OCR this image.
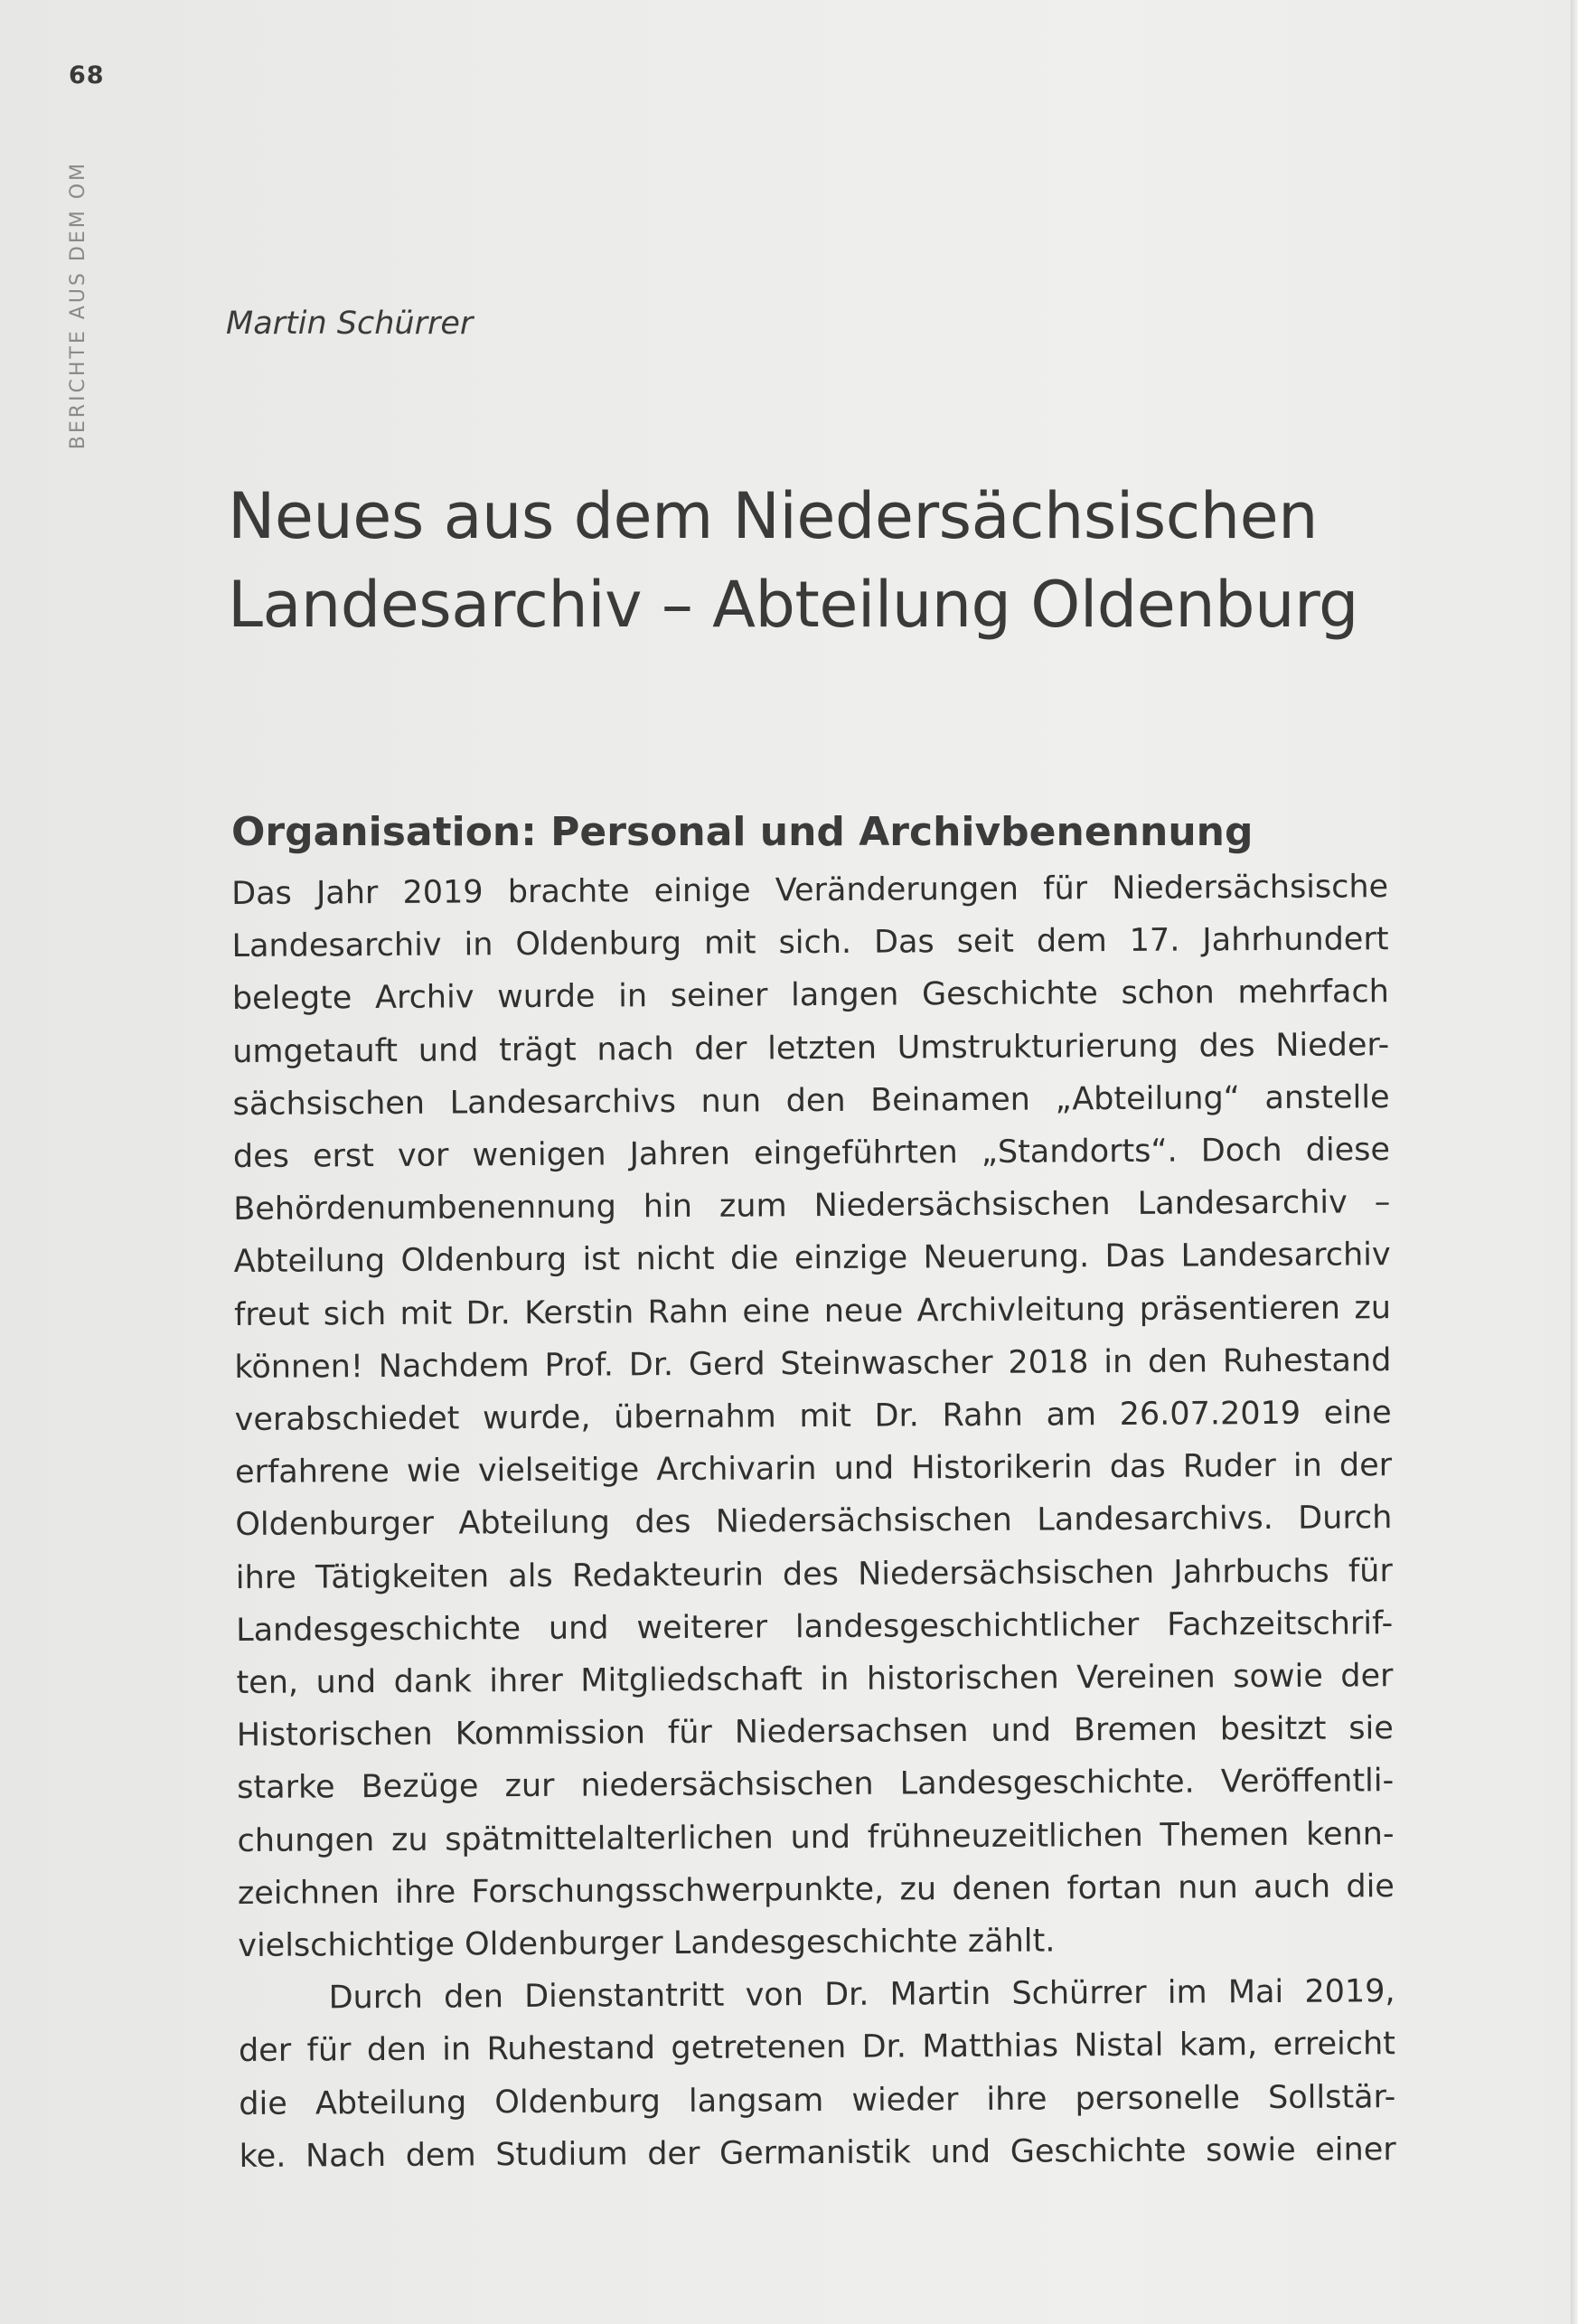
68
BERICHTE AUS DEM OM	Martin Schürrer
Neues aus dem Niedersächsischen
Landesarchiv – Abteilung Oldenburg
Organisation: Personal und Archivbenennung
Das Jahr 2019 brachte einige Veränderungen für Niedersächsische
Landesarchiv in Oldenburg mit sich. Das seit dem 17. Jahrhundert
belegte Archiv wurde in seiner langen Geschichte schon mehrfach
umgetauft und trägt nach der letzten Umstrukturierung des Nieder-
sächsischen Landesarchivs nun den Beinamen „Abteilung“ anstelle
des erst vor wenigen Jahren eingeführten „Standorts“. Doch diese
Behördenumbenennung hin zum Niedersächsischen Landesarchiv –
Abteilung Oldenburg ist nicht die einzige Neuerung. Das Landesarchiv
freut sich mit Dr. Kerstin Rahn eine neue Archivleitung präsentieren zu
können! Nachdem Prof. Dr. Gerd Steinwascher 2018 in den Ruhestand
verabschiedet wurde, übernahm mit Dr. Rahn am 26.07.2019 eine
erfahrene wie vielseitige Archivarin und Historikerin das Ruder in der
Oldenburger Abteilung des Niedersächsischen Landesarchivs. Durch
ihre Tätigkeiten als Redakteurin des Niedersächsischen Jahrbuchs für
Landesgeschichte und weiterer landesgeschichtlicher Fachzeitschrif-
ten, und dank ihrer Mitgliedschaft in historischen Vereinen sowie der
Historischen Kommission für Niedersachsen und Bremen besitzt sie
starke Bezüge zur niedersächsischen Landesgeschichte. Veröffentli-
chungen zu spätmittelalterlichen und frühneuzeitlichen Themen kenn-
zeichnen ihre Forschungsschwerpunkte, zu denen fortan nun auch die
vielschichtige Oldenburger Landesgeschichte zählt.
Durch den Dienstantritt von Dr. Martin Schürrer im Mai 2019,
der für den in Ruhestand getretenen Dr. Matthias Nistal kam, erreicht
die Abteilung Oldenburg langsam wieder ihre personelle Sollstär-
ke. Nach dem Studium der Germanistik und Geschichte sowie einer
